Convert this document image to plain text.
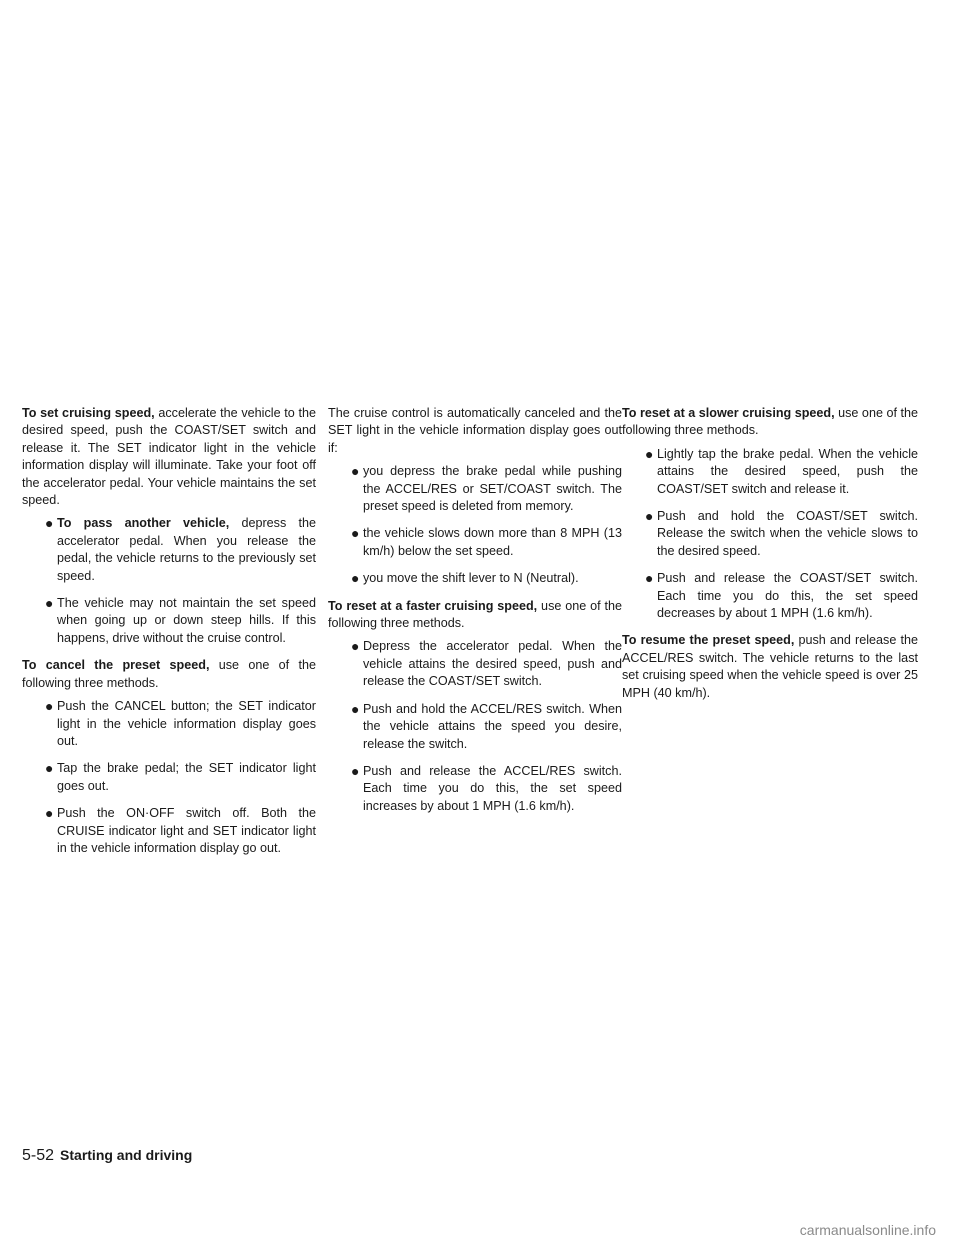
To set cruising speed, accelerate the vehicle to the desired speed, push the COAST/SET switch and release it. The SET indicator light in the vehicle information display will illuminate. Take your foot off the accelerator pedal. Your vehicle maintains the set speed.

● To pass another vehicle, depress the accelerator pedal. When you release the pedal, the vehicle returns to the previously set speed.
● The vehicle may not maintain the set speed when going up or down steep hills. If this happens, drive without the cruise control.

To cancel the preset speed, use one of the following three methods.

● Push the CANCEL button; the SET indicator light in the vehicle information display goes out.
● Tap the brake pedal; the SET indicator light goes out.
● Push the ON·OFF switch off. Both the CRUISE indicator light and SET indicator light in the vehicle information display go out.

The cruise control is automatically canceled and the SET light in the vehicle information display goes out if:

● you depress the brake pedal while pushing the ACCEL/RES or SET/COAST switch. The preset speed is deleted from memory.
● the vehicle slows down more than 8 MPH (13 km/h) below the set speed.
● you move the shift lever to N (Neutral).

To reset at a faster cruising speed, use one of the following three methods.

● Depress the accelerator pedal. When the vehicle attains the desired speed, push and release the COAST/SET switch.
● Push and hold the ACCEL/RES switch. When the vehicle attains the speed you desire, release the switch.
● Push and release the ACCEL/RES switch. Each time you do this, the set speed increases by about 1 MPH (1.6 km/h).

To reset at a slower cruising speed, use one of the following three methods.

● Lightly tap the brake pedal. When the vehicle attains the desired speed, push the COAST/SET switch and release it.
● Push and hold the COAST/SET switch. Release the switch when the vehicle slows to the desired speed.
● Push and release the COAST/SET switch. Each time you do this, the set speed decreases by about 1 MPH (1.6 km/h).

To resume the preset speed, push and release the ACCEL/RES switch. The vehicle returns to the last set cruising speed when the vehicle speed is over 25 MPH (40 km/h).

5-52 Starting and driving
carmanualsonline.info
